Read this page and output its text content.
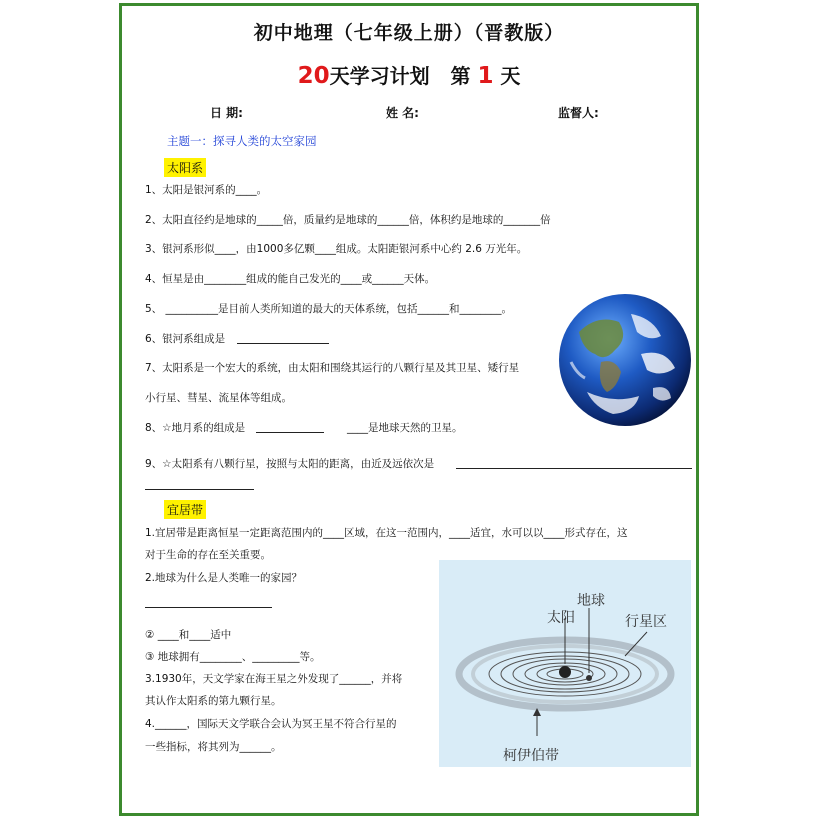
初中地理（七年级上册）（晋教版）
20天学习计划 第 1 天
日 期:	姓 名:	监督人:
主题一：探寻人类的太空家园
太阳系
1、太阳是银河系的____。
2、太阳直径约是地球的_____倍，质量约是地球的______倍，体积约是地球的_______倍
3、银河系形似____，由1000多亿颗____组成。太阳距银河系中心约 2.6 万光年。
4、恒星是由________组成的能自己发光的____或______天体。
5、 __________是目前人类所知道的最大的天体系统，包括______和________。
6、银河系组成是
7、太阳系是一个宏大的系统，由太阳和围绕其运行的八颗行星及其卫星、矮行星
小行星、彗星、流星体等组成。
8、☆地月系的组成是	____是地球天然的卫星。
9、☆太阳系有八颗行星，按照与太阳的距离，由近及远依次是
宜居带
1.宜居带是距离恒星一定距离范围内的____区域，在这一范围内，____适宜，水可以以____形式存在，这
对于生命的存在至关重要。
2.地球为什么是人类唯一的家园？
② ____和____适中
③ 地球拥有________、_________等。
3.1930年，天文学家在海王星之外发现了______，并将
其认作太阳系的第九颗行星。
4.______，国际天文学联合会认为冥王星不符合行星的
一些指标，将其列为______。
太阳
地球
行星区
柯伊伯带
